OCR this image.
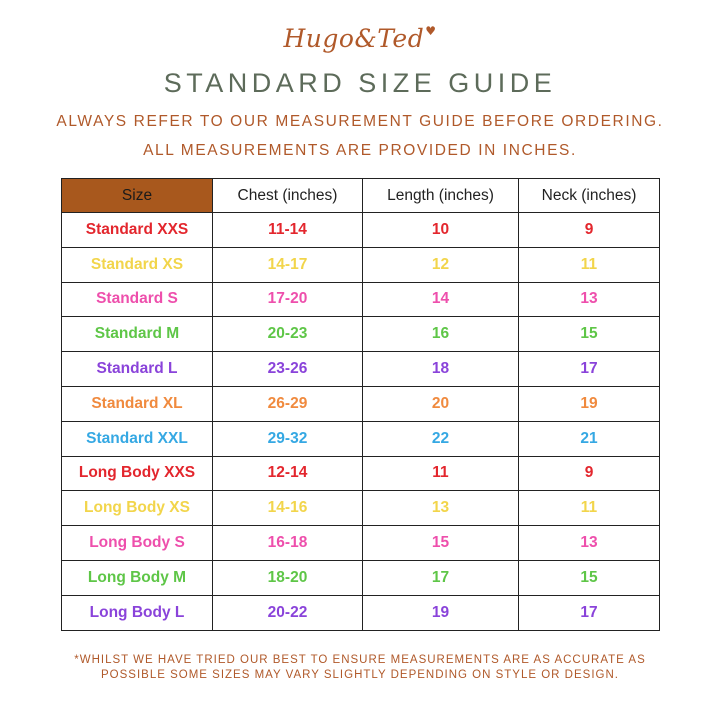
Hugo&Ted♥
STANDARD SIZE GUIDE
ALWAYS REFER TO OUR MEASUREMENT GUIDE BEFORE ORDERING.
ALL MEASUREMENTS ARE PROVIDED IN INCHES.
Size	Chest (inches)	Length (inches)	Neck (inches)
Standard XXS	11-14	10	9
Standard XS	14-17	12	11
Standard S	17-20	14	13
Standard M	20-23	16	15
Standard L	23-26	18	17
Standard XL	26-29	20	19
Standard XXL	29-32	22	21
Long Body XXS	12-14	11	9
Long Body XS	14-16	13	11
Long Body S	16-18	15	13
Long Body M	18-20	17	15
Long Body L	20-22	19	17
*WHILST WE HAVE TRIED OUR BEST TO ENSURE MEASUREMENTS ARE AS ACCURATE AS
POSSIBLE SOME SIZES MAY VARY SLIGHTLY DEPENDING ON STYLE OR DESIGN.
